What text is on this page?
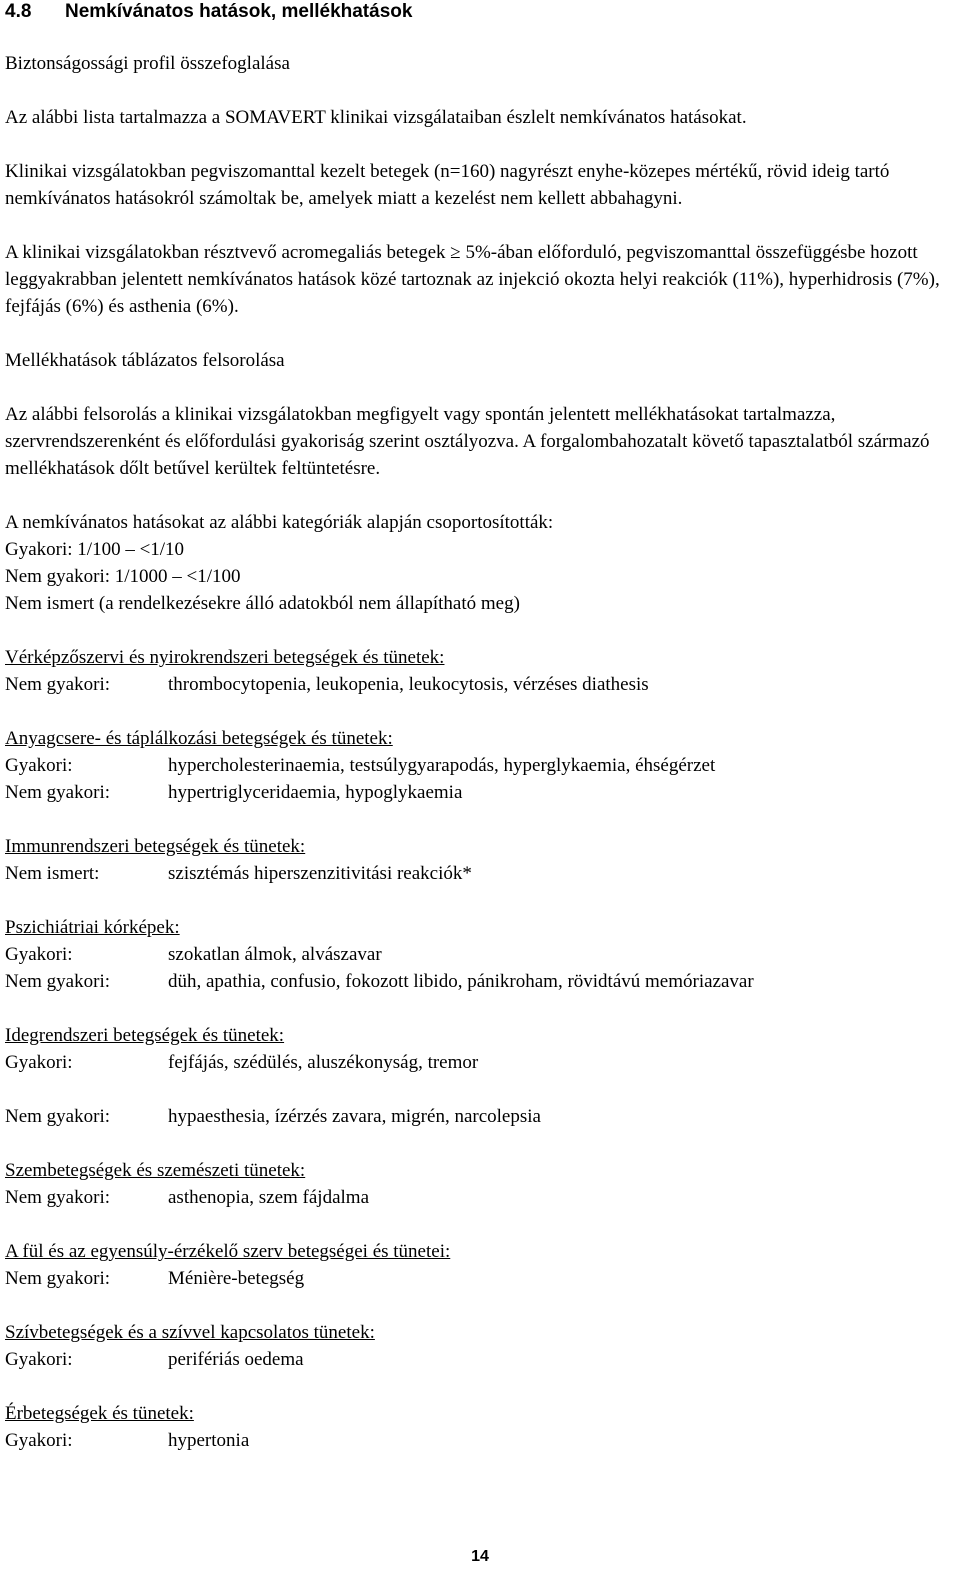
4.8	Nemkívánatos hatások, mellékhatások

Biztonságossági profil összefoglalása

Az alábbi lista tartalmazza a SOMAVERT klinikai vizsgálataiban észlelt nemkívánatos hatásokat.

Klinikai vizsgálatokban pegviszomanttal kezelt betegek (n=160) nagyrészt enyhe-közepes mértékű, rövid ideig tartó nemkívánatos hatásokról számoltak be, amelyek miatt a kezelést nem kellett abbahagyni.

A klinikai vizsgálatokban résztvevő acromegaliás betegek ≥ 5%-ában előforduló, pegviszomanttal összefüggésbe hozott leggyakrabban jelentett nemkívánatos hatások közé tartoznak az injekció okozta helyi reakciók (11%), hyperhidrosis (7%), fejfájás (6%) és asthenia (6%).

Mellékhatások táblázatos felsorolása

Az alábbi felsorolás a klinikai vizsgálatokban megfigyelt vagy spontán jelentett mellékhatásokat tartalmazza, szervrendszerenként és előfordulási gyakoriság szerint osztályozva. A forgalombahozatalt követő tapasztalatból származó mellékhatások dőlt betűvel kerültek feltüntetésre.

A nemkívánatos hatásokat az alábbi kategóriák alapján csoportosították:

Gyakori: 1/100 – <1/10

Nem gyakori: 1/1000 – <1/100

Nem ismert (a rendelkezésekre álló adatokból nem állapítható meg)

Vérképzőszervi és nyirokrendszeri betegségek és tünetek:

Nem gyakori:	thrombocytopenia, leukopenia, leukocytosis, vérzéses diathesis

Anyagcsere- és táplálkozási betegségek és tünetek:

Gyakori:	hypercholesterinaemia, testsúlygyarapodás, hyperglykaemia, éhségérzet
Nem gyakori:	hypertriglyceridaemia, hypoglykaemia

Immunrendszeri betegségek és tünetek:

Nem ismert:	szisztémás hiperszenzitivitási reakciók*

Pszichiátriai kórképek:

Gyakori:	szokatlan álmok, alvászavar
Nem gyakori:	düh, apathia, confusio, fokozott libido, pánikroham, rövidtávú memóriazavar

Idegrendszeri betegségek és tünetek:

Gyakori:	fejfájás, szédülés, aluszékonyság, tremor
Nem gyakori:	hypaesthesia, ízérzés zavara, migrén, narcolepsia

Szembetegségek és szemészeti tünetek:

Nem gyakori:	asthenopia, szem fájdalma

A fül és az egyensúly-érzékelő szerv betegségei és tünetei:

Nem gyakori:	Ménière-betegség

Szívbetegségek és a szívvel kapcsolatos tünetek:

Gyakori:	perifériás oedema

Érbetegségek és tünetek:

Gyakori:	hypertonia
14
